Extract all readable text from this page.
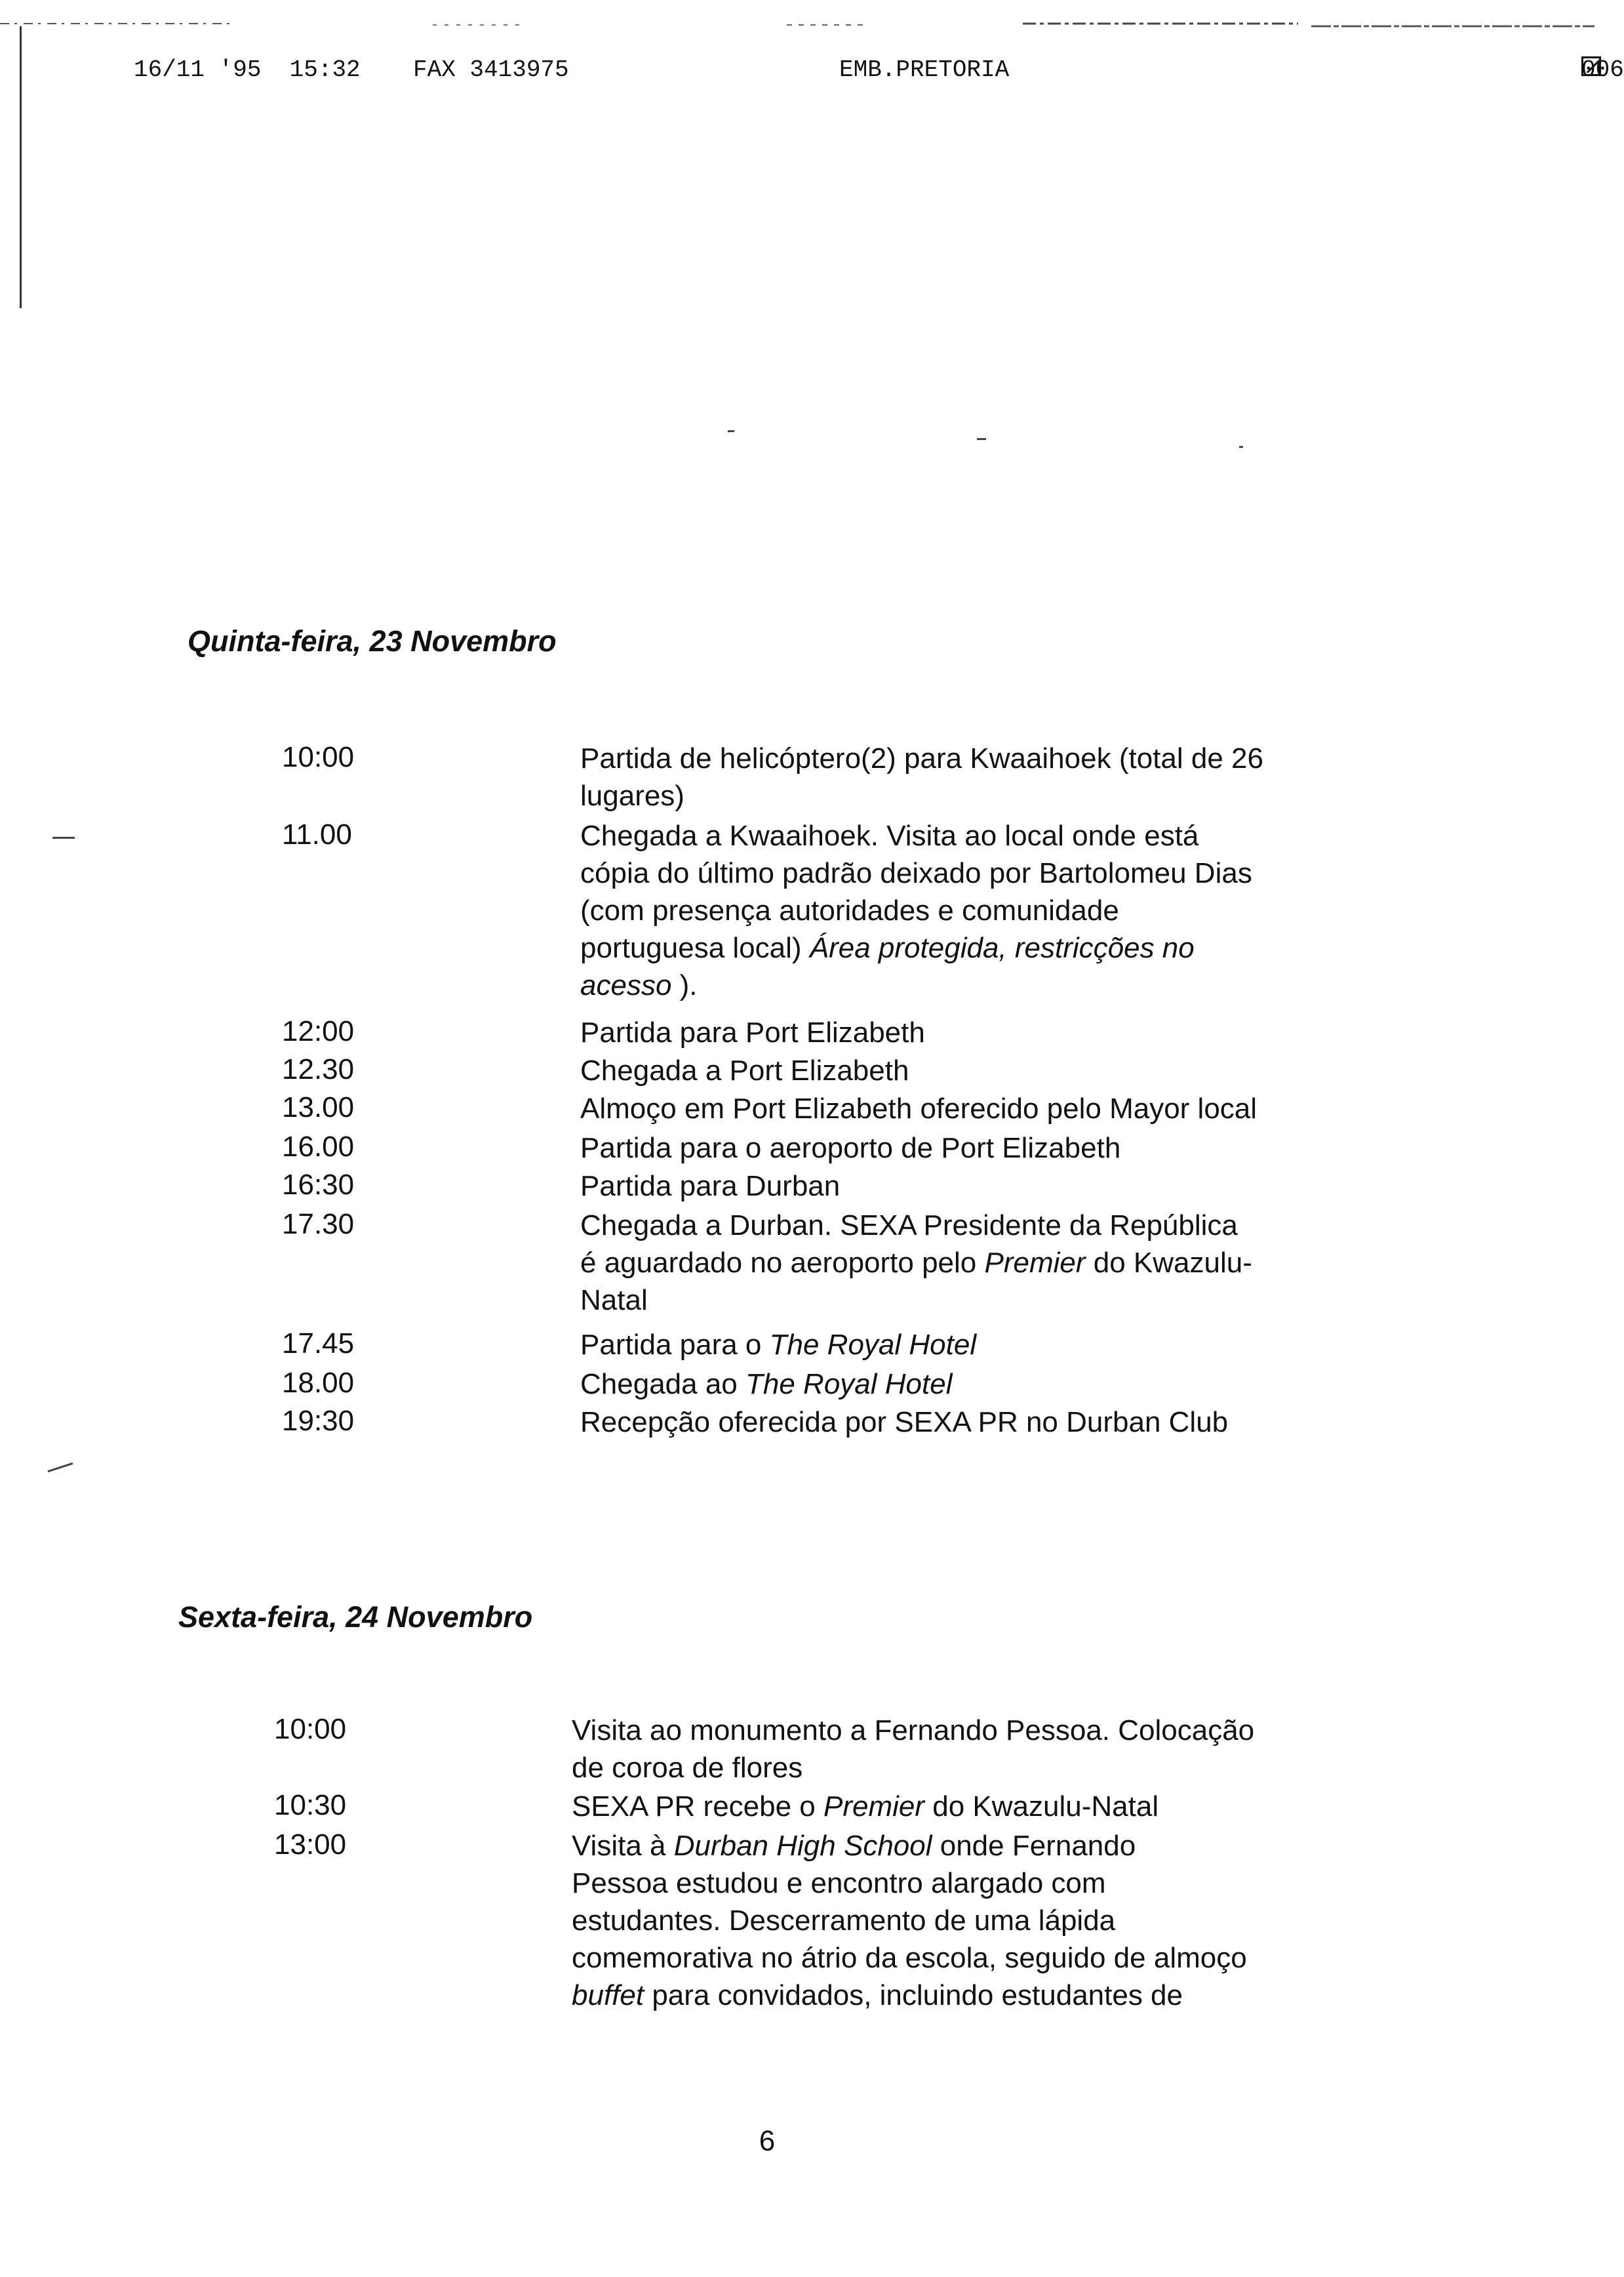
16/11 '95  15:32 FAX 3413975	EMB.PRETORIA	006
Quinta-feira, 23 Novembro
Sexta-feira, 24 Novembro
10:00	Partida de helicóptero(2) para Kwaaihoek (total de 26
lugares)
11.00	Chegada a Kwaaihoek. Visita ao local onde está
cópia do último padrão deixado por Bartolomeu Dias
(com presença autoridades e comunidade
portuguesa local) Área protegida, restricções no
acesso ).
12:00	Partida para Port Elizabeth
12.30	Chegada a Port Elizabeth
13.00	Almoço em Port Elizabeth oferecido pelo Mayor local
16.00	Partida para o aeroporto de Port Elizabeth
16:30	Partida para Durban
17.30	Chegada a Durban. SEXA Presidente da República
é aguardado no aeroporto pelo Premier do Kwazulu-
Natal
17.45	Partida para o The Royal Hotel
18.00	Chegada ao The Royal Hotel
19:30	Recepção oferecida por SEXA PR no Durban Club
10:00	Visita ao monumento a Fernando Pessoa. Colocação
de coroa de flores
10:30	SEXA PR recebe o Premier do Kwazulu-Natal
13:00	Visita à Durban High School onde Fernando
Pessoa estudou e encontro alargado com
estudantes. Descerramento de uma lápida
comemorativa no átrio da escola, seguido de almoço
buffet para convidados, incluindo estudantes de
6
